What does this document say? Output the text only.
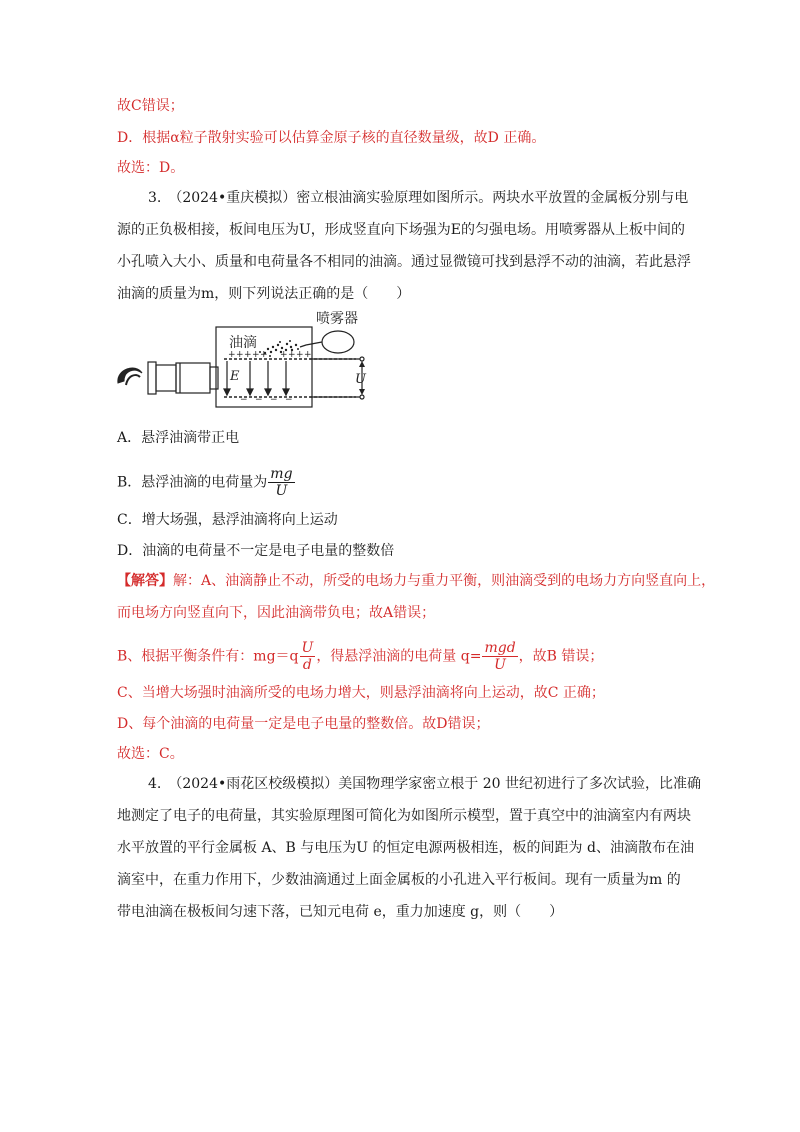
故C错误；
D．根据α粒子散射实验可以估算金原子核的直径数量级，故D 正确。
故选：D。
3.　（2024•重庆模拟）密立根油滴实验原理如图所示。两块水平放置的金属板分别与电
源的正负极相接，板间电压为U，形成竖直向下场强为E的匀强电场。用喷雾器从上板中间的
小孔喷入大小、质量和电荷量各不相同的油滴。通过显微镜可找到悬浮不动的油滴，若此悬浮
油滴的质量为m，则下列说法正确的是（　　）
油滴
喷雾器
+ + + + + + + + +
− − − −
E	U
A．悬浮油滴带正电
B．悬浮油滴的电荷量为 $\frac{mg}{U}$
C．增大场强，悬浮油滴将向上运动
D．油滴的电荷量不一定是电子电量的整数倍
【解答】解：A、油滴静止不动，所受的电场力与重力平衡，则油滴受到的电场力方向竖直向上，
而电场方向竖直向下，因此油滴带负电；故A错误；
B、根据平衡条件有：$mg=q \frac{U}{d}$ ，得悬浮油滴的电荷量 $q= \frac{\text{mgd}}{U}$ ，故B 错误；
C、当增大场强时油滴所受的电场力增大，则悬浮油滴将向上运动，故C 正确；
D、每个油滴的电荷量一定是电子电量的整数倍。故D错误；
故选：C。
4.　（2024•雨花区校级模拟）美国物理学家密立根于 20 世纪初进行了多次试验，比准确
地测定了电子的电荷量，其实验原理图可简化为如图所示模型，置于真空中的油滴室内有两块
水平放置的平行金属板 A、B 与电压为U 的恒定电源两极相连，板的间距为 d、油滴散布在油
滴室中，在重力作用下，少数油滴通过上面金属板的小孔进入平行板间。现有一质量为m 的
带电油滴在极板间匀速下落，已知元电荷 e，重力加速度 g，则（　　）
